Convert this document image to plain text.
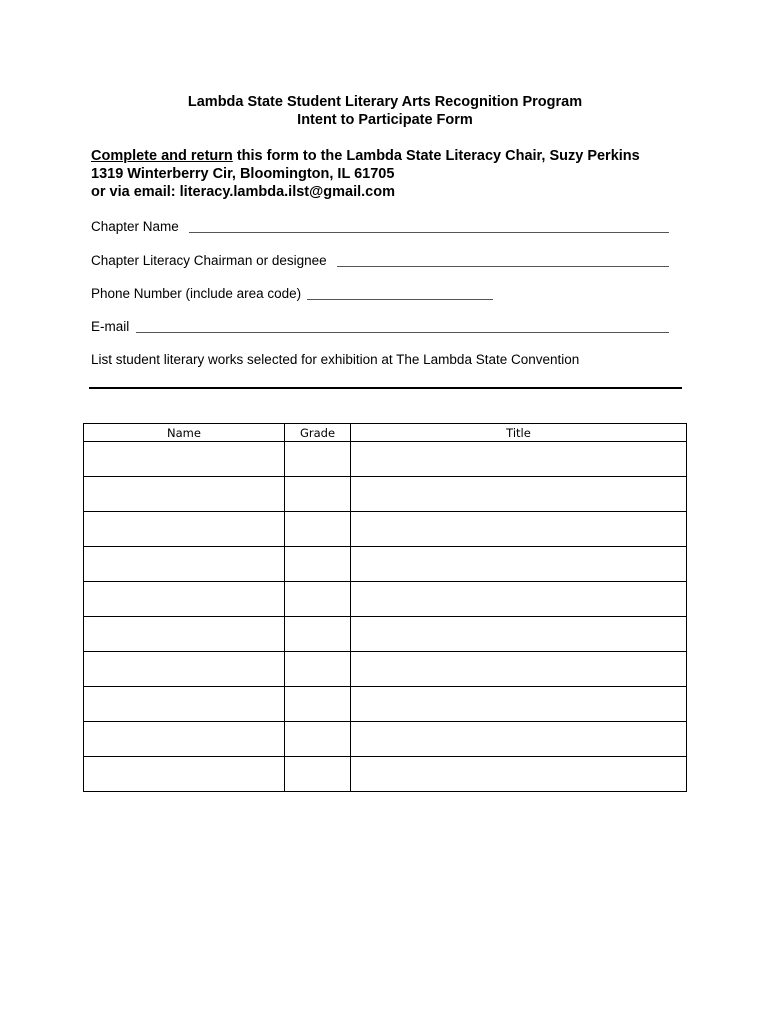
Lambda State Student Literary Arts Recognition Program
Intent to Participate Form
Complete and return this form to the Lambda State Literacy Chair, Suzy Perkins
1319 Winterberry Cir, Bloomington, IL 61705
or via email: literacy.lambda.ilst@gmail.com
Chapter Name
Chapter Literacy Chairman or designee
Phone Number (include area code)
E-mail
List student literary works selected for exhibition at The Lambda State Convention
Name	Grade	Title
